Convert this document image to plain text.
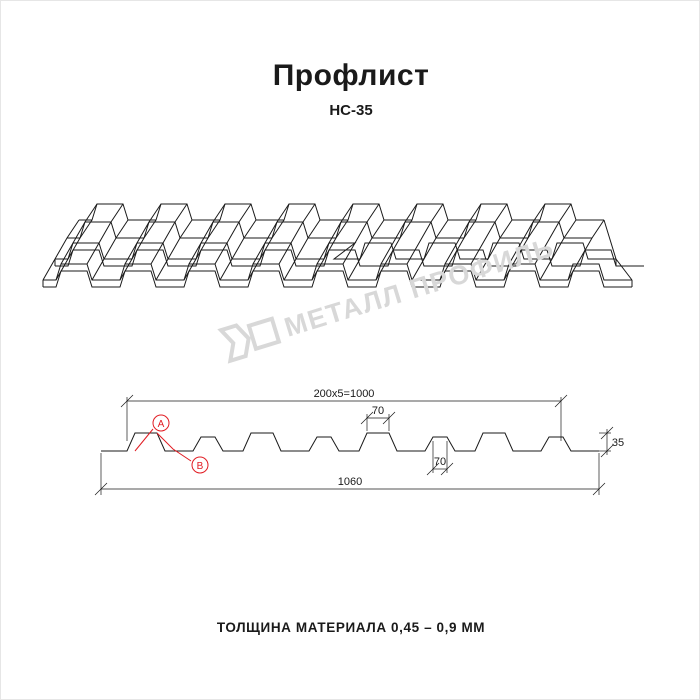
Профлист
НС-35
МЕТАЛЛ ПРОФИЛЬ
200х5=1000
70
70
1060
35
A
B
ТОЛЩИНА МАТЕРИАЛА 0,45 – 0,9 ММ
